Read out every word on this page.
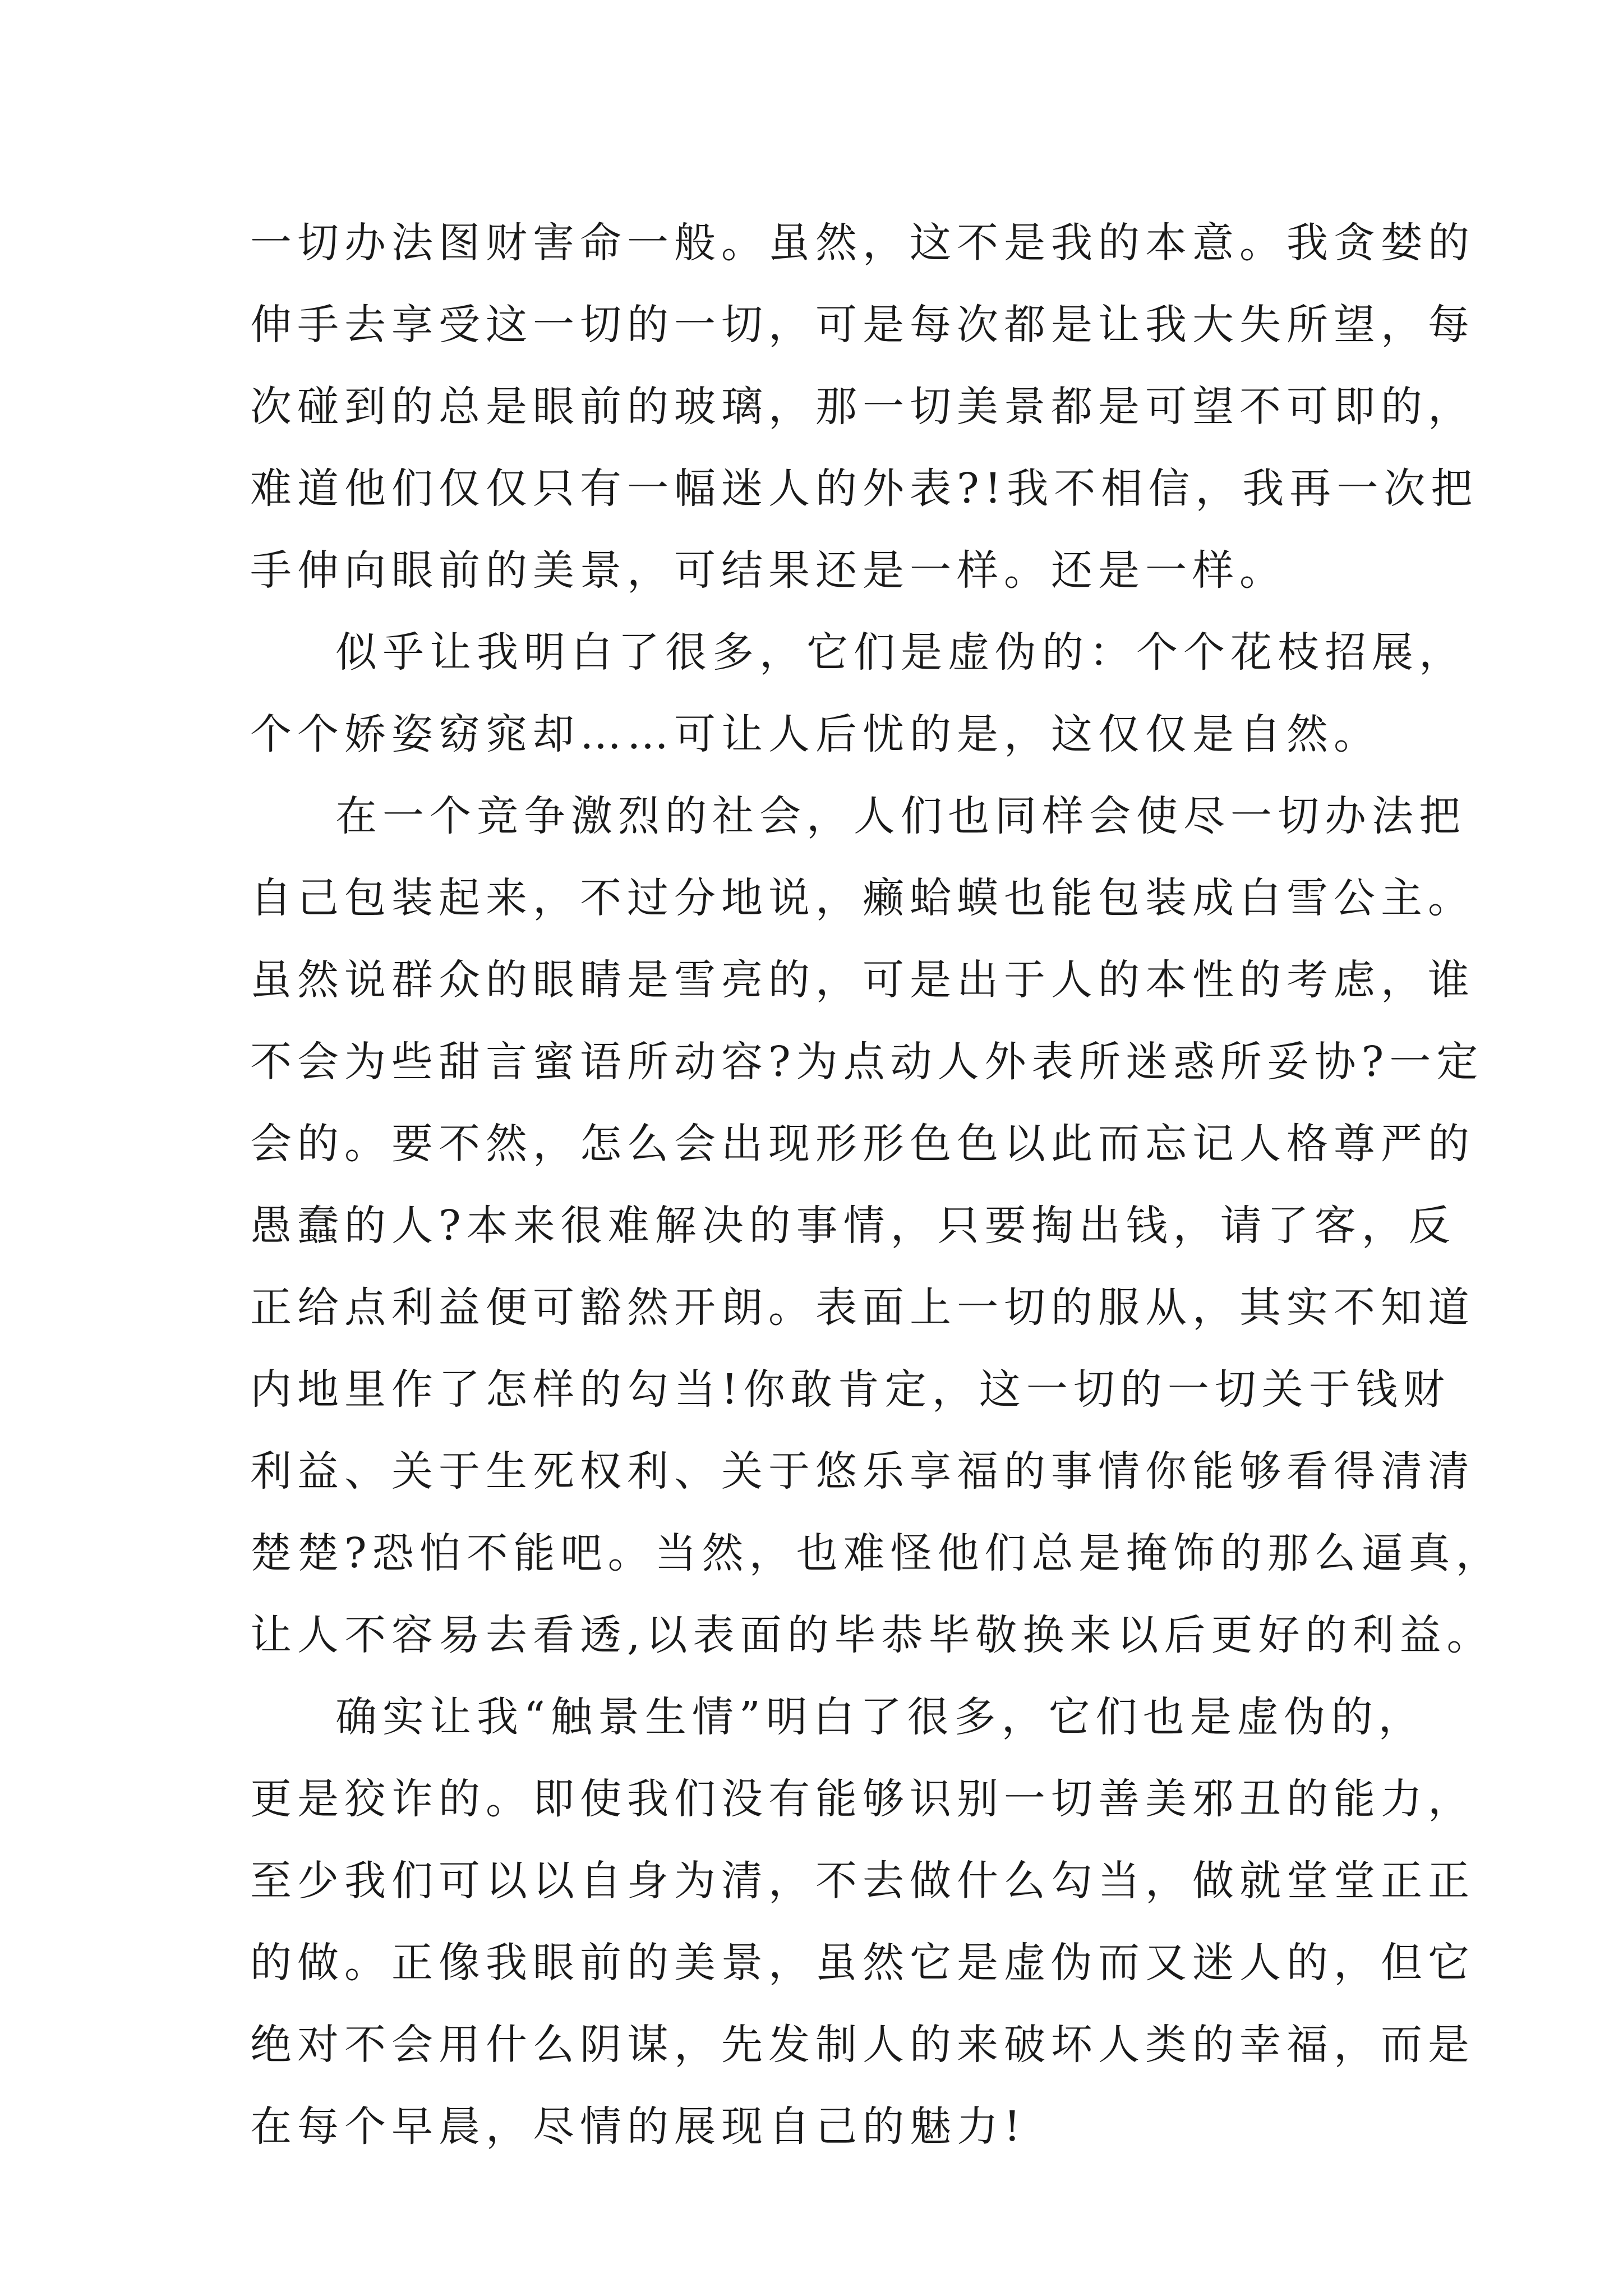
一切办法图财害命一般。虽然，这不是我的本意。我贪婪的
伸手去享受这一切的一切，可是每次都是让我大失所望，每
次碰到的总是眼前的玻璃，那一切美景都是可望不可即的，
难道他们仅仅只有一幅迷人的外表?!我不相信，我再一次把
手伸向眼前的美景，可结果还是一样。还是一样。
似乎让我明白了很多，它们是虚伪的：个个花枝招展，
个个娇姿窈窕却……可让人后忧的是，这仅仅是自然。
在一个竞争激烈的社会，人们也同样会使尽一切办法把
自己包装起来，不过分地说，癞蛤蟆也能包装成白雪公主。
虽然说群众的眼睛是雪亮的，可是出于人的本性的考虑，谁
不会为些甜言蜜语所动容?为点动人外表所迷惑所妥协?一定
会的。要不然，怎么会出现形形色色以此而忘记人格尊严的
愚蠢的人?本来很难解决的事情，只要掏出钱，请了客，反
正给点利益便可豁然开朗。表面上一切的服从，其实不知道
内地里作了怎样的勾当!你敢肯定，这一切的一切关于钱财
利益、关于生死权利、关于悠乐享福的事情你能够看得清清
楚楚?恐怕不能吧。当然，也难怪他们总是掩饰的那么逼真，
让人不容易去看透,以表面的毕恭毕敬换来以后更好的利益。
确实让我“触景生情”明白了很多，它们也是虚伪的，
更是狡诈的。即使我们没有能够识别一切善美邪丑的能力，
至少我们可以以自身为清，不去做什么勾当，做就堂堂正正
的做。正像我眼前的美景，虽然它是虚伪而又迷人的，但它
绝对不会用什么阴谋，先发制人的来破坏人类的幸福，而是
在每个早晨，尽情的展现自己的魅力!
